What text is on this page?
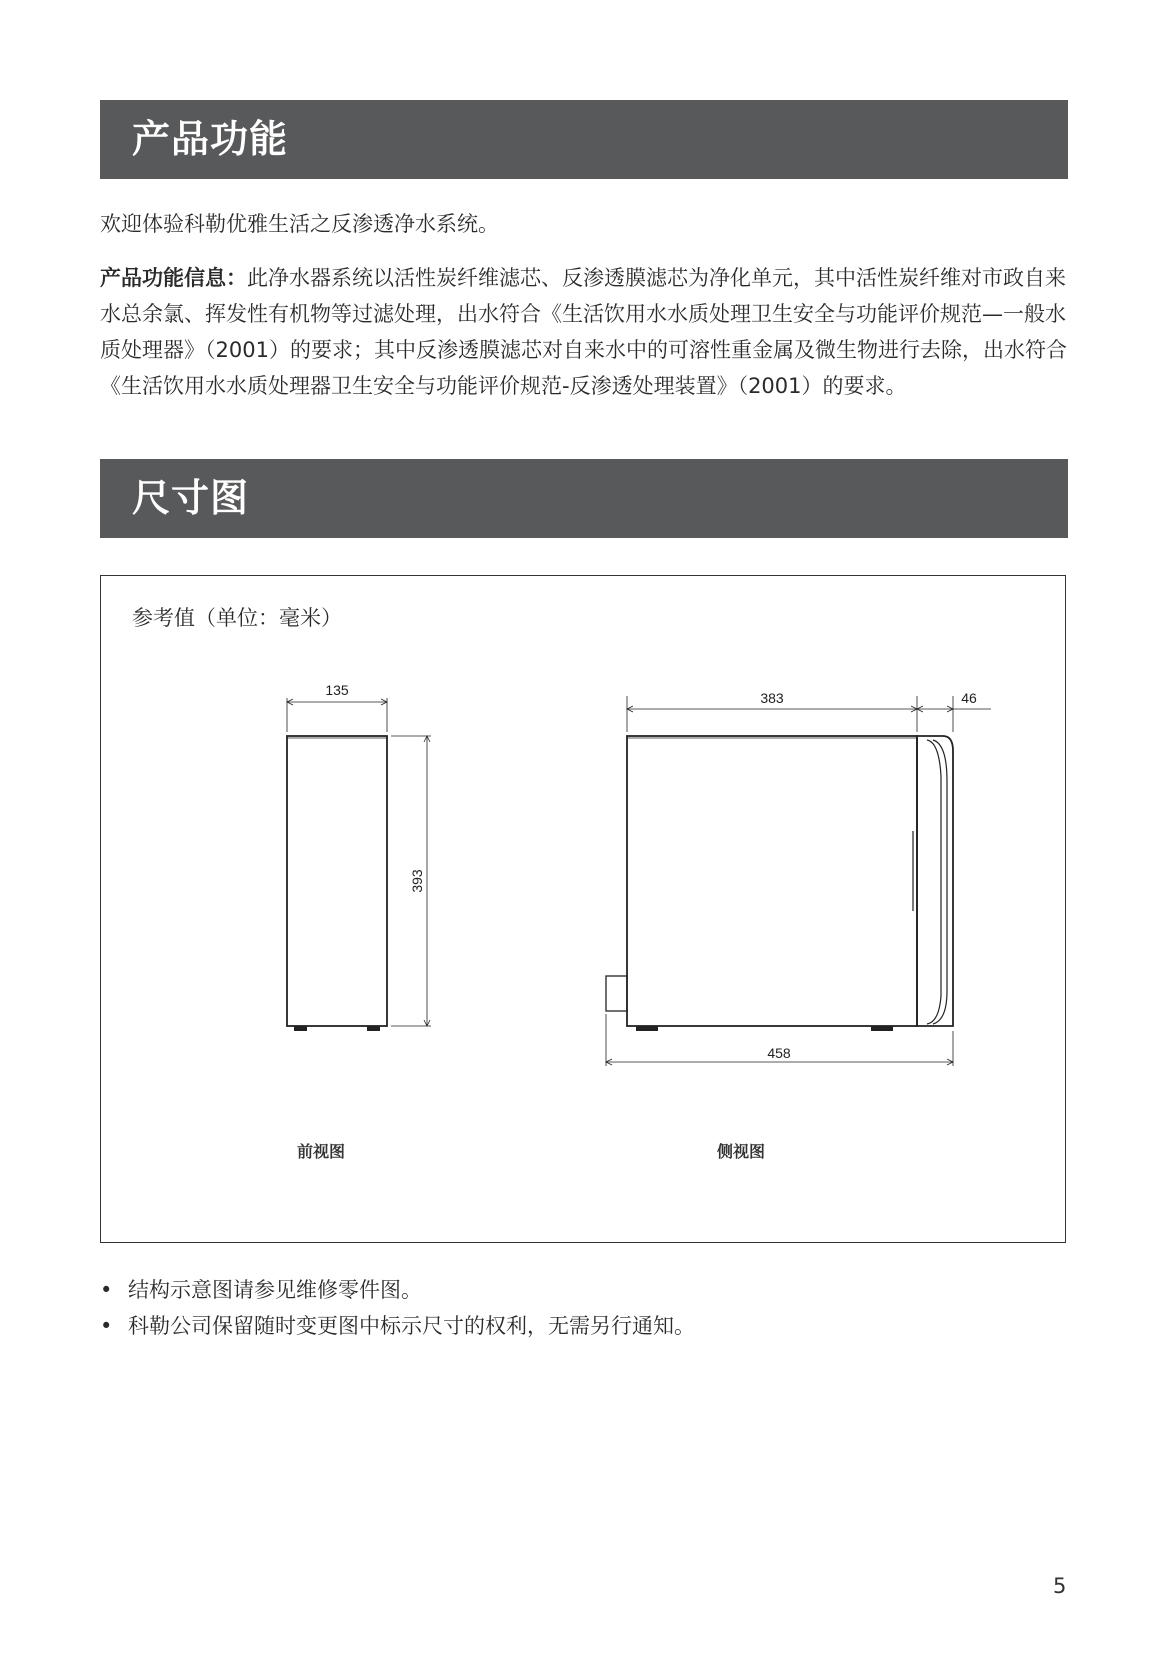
产品功能

欢迎体验科勒优雅生活之反渗透净水系统。

产品功能信息：此净水器系统以活性炭纤维滤芯、反渗透膜滤芯为净化单元，其中活性炭纤维对市政自来水总余氯、挥发性有机物等过滤处理，出水符合《生活饮用水水质处理卫生安全与功能评价规范—一般水质处理器》（2001）的要求；其中反渗透膜滤芯对自来水中的可溶性重金属及微生物进行去除，出水符合《生活饮用水水质处理器卫生安全与功能评价规范-反渗透处理装置》（2001）的要求。

尺寸图
参考值（单位：毫米）
135
393
383	46
458
前视图	侧视图
• 结构示意图请参见维修零件图。
• 科勒公司保留随时变更图中标示尺寸的权利，无需另行通知。
5
